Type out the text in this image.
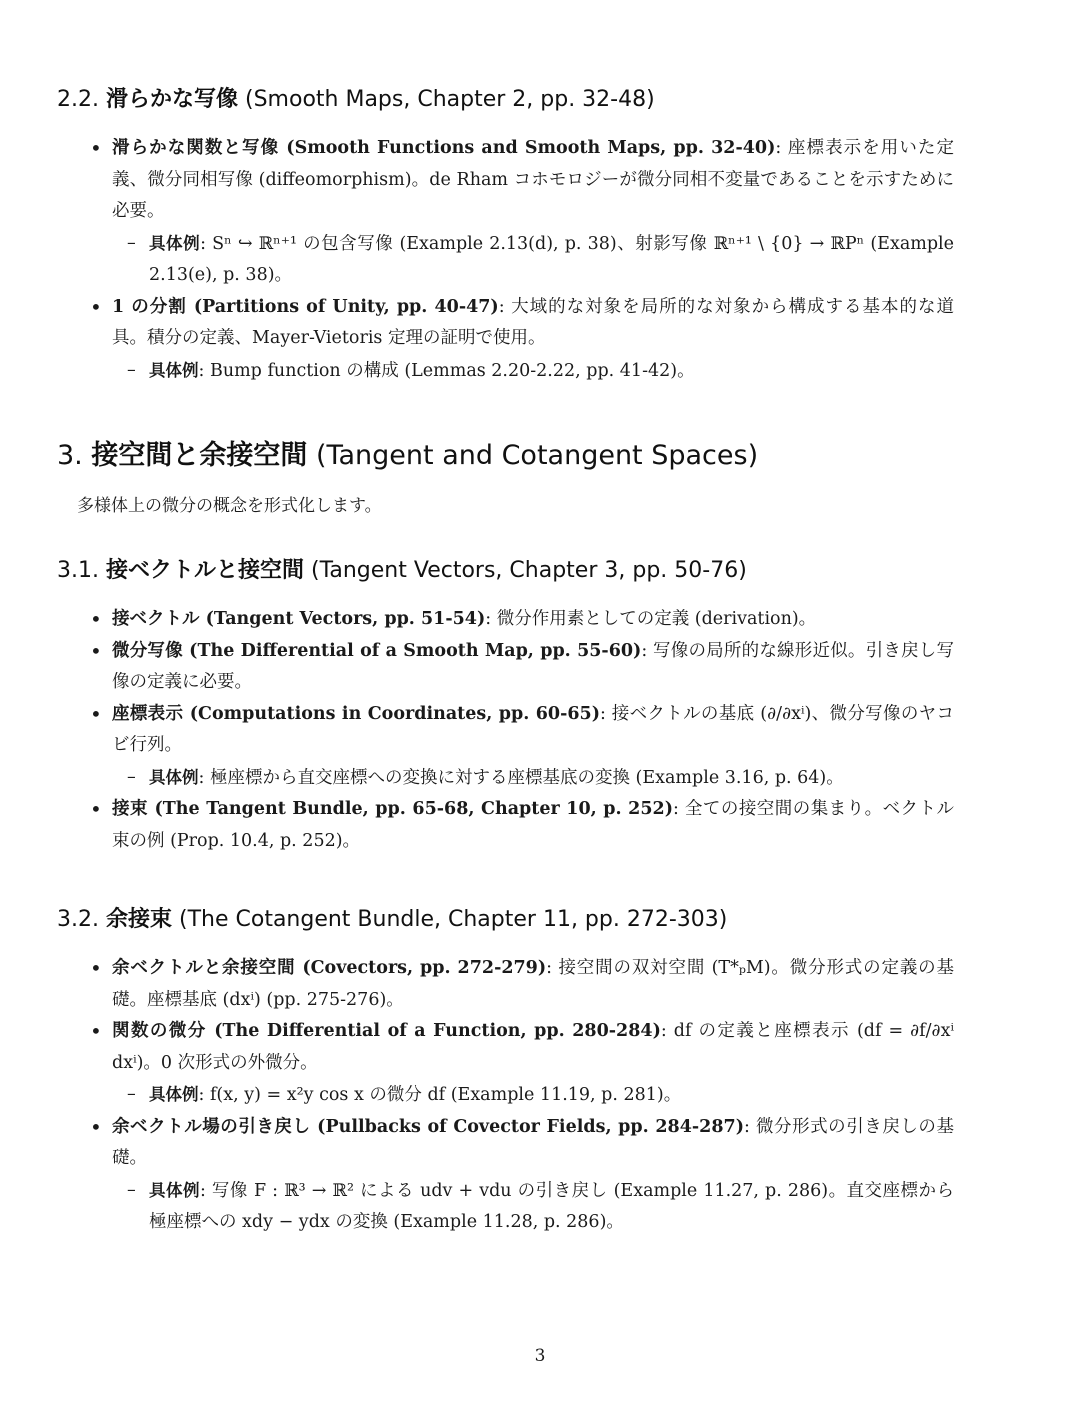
2.2. 滑らかな写像 (Smooth Maps, Chapter 2, pp. 32-48)
• 滑らかな関数と写像 (Smooth Functions and Smooth Maps, pp. 32-40): 座標表示を用いた定義、微分同相写像 (diffeomorphism)。de Rham コホモロジーが微分同相不変量であることを示すために必要。
– 具体例: Sⁿ ↪ ℝⁿ⁺¹ の包含写像 (Example 2.13(d), p. 38)、射影写像 ℝⁿ⁺¹ \ {0} → ℝPⁿ (Example 2.13(e), p. 38)。
• 1 の分割 (Partitions of Unity, pp. 40-47): 大域的な対象を局所的な対象から構成する基本的な道具。積分の定義、Mayer-Vietoris 定理の証明で使用。
– 具体例: Bump function の構成 (Lemmas 2.20-2.22, pp. 41-42)。
3. 接空間と余接空間 (Tangent and Cotangent Spaces)

多様体上の微分の概念を形式化します。

3.1. 接ベクトルと接空間 (Tangent Vectors, Chapter 3, pp. 50-76)
• 接ベクトル (Tangent Vectors, pp. 51-54): 微分作用素としての定義 (derivation)。
• 微分写像 (The Differential of a Smooth Map, pp. 55-60): 写像の局所的な線形近似。引き戻し写像の定義に必要。
• 座標表示 (Computations in Coordinates, pp. 60-65): 接ベクトルの基底 (∂/∂xⁱ)、微分写像のヤコビ行列。
– 具体例: 極座標から直交座標への変換に対する座標基底の変換 (Example 3.16, p. 64)。
• 接束 (The Tangent Bundle, pp. 65-68, Chapter 10, p. 252): 全ての接空間の集まり。ベクトル束の例 (Prop. 10.4, p. 252)。
3.2. 余接束 (The Cotangent Bundle, Chapter 11, pp. 272-303)
• 余ベクトルと余接空間 (Covectors, pp. 272-279): 接空間の双対空間 (T*ₚM)。微分形式の定義の基礎。座標基底 (dxⁱ) (pp. 275-276)。
• 関数の微分 (The Differential of a Function, pp. 280-284): df の定義と座標表示 (df = ∂f/∂xⁱ dxⁱ)。0 次形式の外微分。
– 具体例: f(x, y) = x²y cos x の微分 df (Example 11.19, p. 281)。
• 余ベクトル場の引き戻し (Pullbacks of Covector Fields, pp. 284-287): 微分形式の引き戻しの基礎。
– 具体例: 写像 F : ℝ³ → ℝ² による udv + vdu の引き戻し (Example 11.27, p. 286)。直交座標から極座標への xdy − ydx の変換 (Example 11.28, p. 286)。
3
